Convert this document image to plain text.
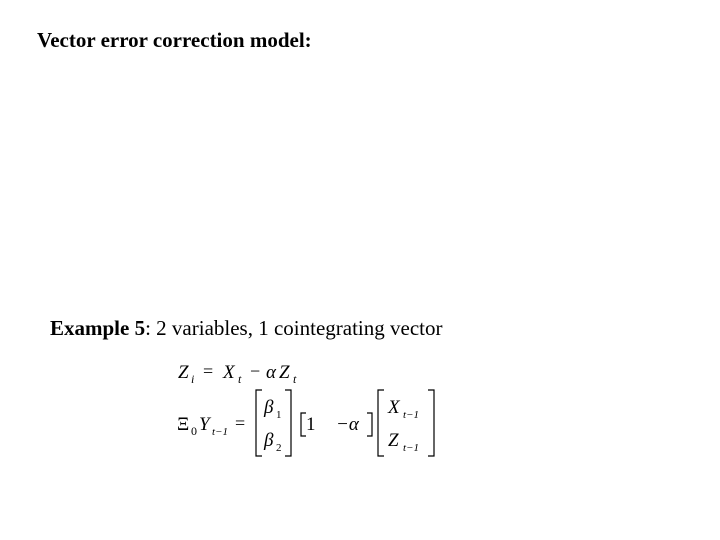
Vector error correction model:
Example 5: 2 variables, 1 cointegrating vector
Z i = X t − α Z t
Ξ 0 Y t−1 =
β 1
β 2
1 −α
X t−1
Z t−1
